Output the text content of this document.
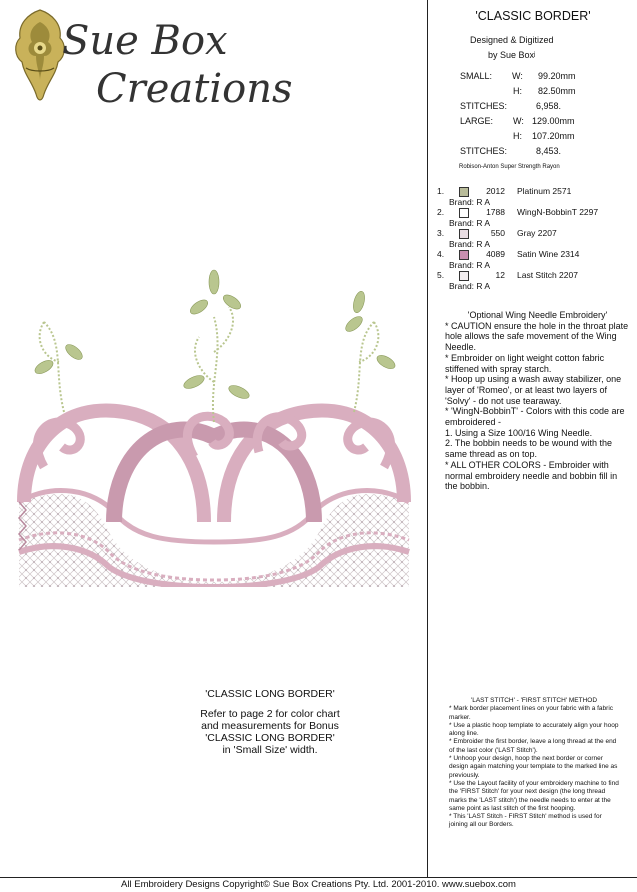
Sue Box
Creations
'CLASSIC BORDER'
Designed & Digitized
by Sue Boxʲ
SMALL: W: 99.20mm
H: 82.50mm
STITCHES:	6,958.
LARGE: W: 129.00mm
H: 107.20mm
STITCHES:	8,453.
Robison-Anton Super Strength Rayon
1.	2012 Platinum 2571
Brand: R A
2.	1788 WingN-BobbinT 2297
Brand: R A
3.	550 Gray 2207
Brand: R A
4.	4089 Satin Wine 2314
Brand: R A
5.	12 Last Stitch 2207
Brand: R A
'Optional Wing Needle Embroidery'
* CAUTION ensure the hole in the throat plate hole allows the safe movement of the Wing Needle.
* Embroider on light weight cotton fabric stiffened with spray starch.
* Hoop up using a wash away stabilizer, one layer of 'Romeo', or at least two layers of 'Solvy' - do not use tearaway.
* 'WingN-BobbinT' - Colors with this code are embroidered -
1. Using a Size 100/16 Wing Needle.
2. The bobbin needs to be wound with the same thread as on top.
* ALL OTHER COLORS - Embroider with normal embroidery needle and bobbin fill in the bobbin.
'LAST STITCH' - 'FIRST STITCH' METHOD
* Mark border placement lines on your fabric with a fabric marker.
* Use a plastic hoop template to accurately align your hoop along line.
* Embroider the first border, leave a long thread at the end of the last color ('LAST Stitch').
* Unhoop your design, hoop the next border or corner design again matching your template to the marked line as previously.
* Use the Layout facility of your embroidery machine to find the 'FIRST Stitch' for your next design (the long thread marks the 'LAST stitch') the needle needs to enter at the same point as last stitch of the first hooping.
* This 'LAST Stitch - FIRST Stitch' method is used for joining all our Borders.
'CLASSIC LONG BORDER'
Refer to page 2 for color chart
and measurements for Bonus
'CLASSIC LONG BORDER'
in 'Small Size' width.
All Embroidery Designs Copyright© Sue Box Creations Pty. Ltd. 2001-2010. www.suebox.com
